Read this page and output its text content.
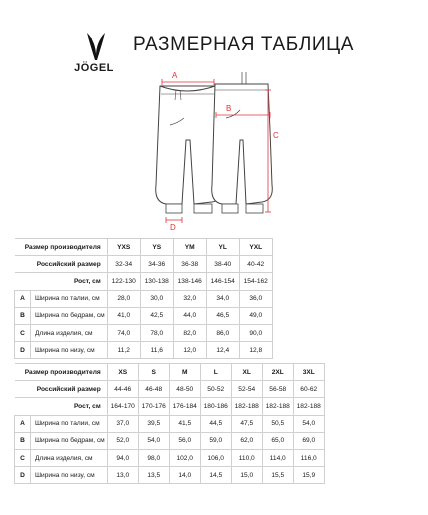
JÖGEL
РАЗМЕРНАЯ ТАБЛИЦА
A
B
C
D
Размер производителя		YXS	YS	YM	YL	YXL
Российский размер		32-34	34-36	36-38	38-40	40-42
Рост, см		122-130	130-138	138-146	146-154	154-162
A	Ширина по талии, см	28,0	30,0	32,0	34,0	36,0
B	Ширина по бедрам, см	41,0	42,5	44,0	46,5	49,0
C	Длина изделия, см	74,0	78,0	82,0	86,0	90,0
D	Ширина по низу, см	11,2	11,6	12,0	12,4	12,8
Размер производителя		XS	S	M	L	XL	2XL	3XL
Российский размер		44-46	46-48	48-50	50-52	52-54	56-58	60-62
Рост, см		164-170	170-176	176-184	180-186	182-188	182-188	182-188
A	Ширина по талии, см	37,0	39,5	41,5	44,5	47,5	50,5	54,0
B	Ширина по бедрам, см	52,0	54,0	56,0	59,0	62,0	65,0	69,0
C	Длина изделия, см	94,0	98,0	102,0	106,0	110,0	114,0	116,0
D	Ширина по низу, см	13,0	13,5	14,0	14,5	15,0	15,5	15,9
